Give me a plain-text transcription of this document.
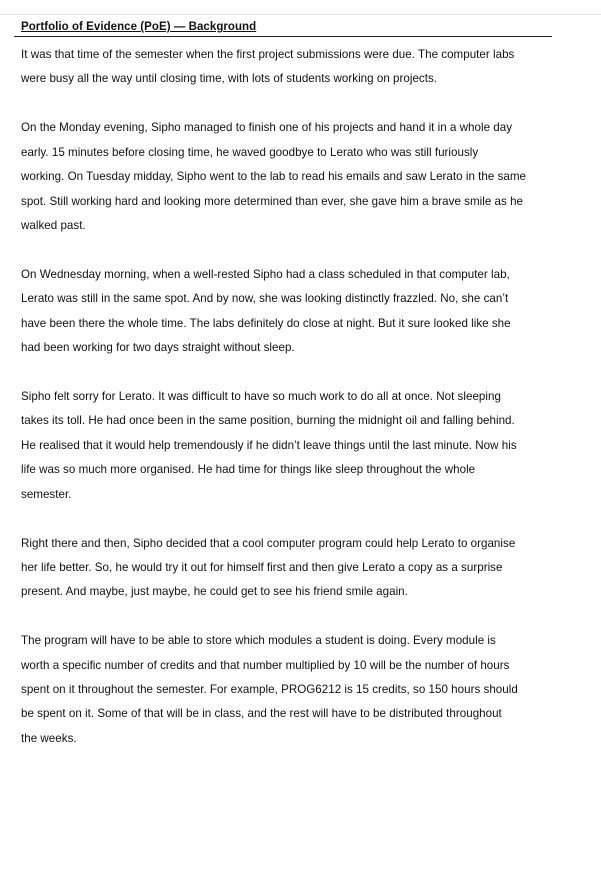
Portfolio of Evidence (PoE) — Background

It was that time of the semester when the first project submissions were due. The computer labs
were busy all the way until closing time, with lots of students working on projects.

On the Monday evening, Sipho managed to finish one of his projects and hand it in a whole day
early. 15 minutes before closing time, he waved goodbye to Lerato who was still furiously
working. On Tuesday midday, Sipho went to the lab to read his emails and saw Lerato in the same
spot. Still working hard and looking more determined than ever, she gave him a brave smile as he
walked past.

On Wednesday morning, when a well-rested Sipho had a class scheduled in that computer lab,
Lerato was still in the same spot. And by now, she was looking distinctly frazzled. No, she can’t
have been there the whole time. The labs definitely do close at night. But it sure looked like she
had been working for two days straight without sleep.

Sipho felt sorry for Lerato. It was difficult to have so much work to do all at once. Not sleeping
takes its toll. He had once been in the same position, burning the midnight oil and falling behind.
He realised that it would help tremendously if he didn’t leave things until the last minute. Now his
life was so much more organised. He had time for things like sleep throughout the whole
semester.

Right there and then, Sipho decided that a cool computer program could help Lerato to organise
her life better. So, he would try it out for himself first and then give Lerato a copy as a surprise
present. And maybe, just maybe, he could get to see his friend smile again.

The program will have to be able to store which modules a student is doing. Every module is
worth a specific number of credits and that number multiplied by 10 will be the number of hours
spent on it throughout the semester. For example, PROG6212 is 15 credits, so 150 hours should
be spent on it. Some of that will be in class, and the rest will have to be distributed throughout
the weeks.
